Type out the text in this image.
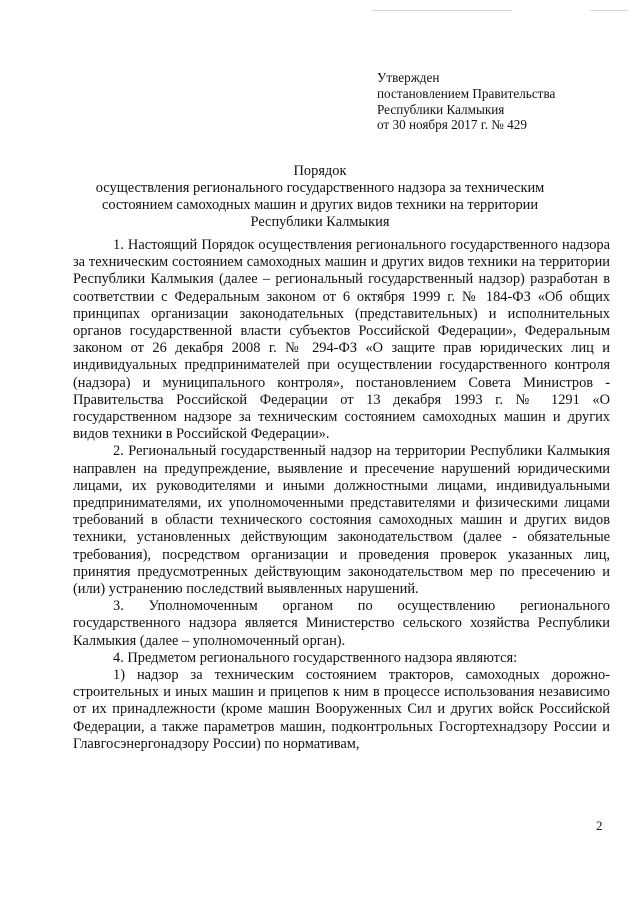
Утвержден
постановлением Правительства
Республики Калмыкия
от 30 ноября 2017 г. № 429
Порядок
осуществления регионального государственного надзора за техническим
состоянием самоходных машин и других видов техники на территории
Республики Калмыкия

1. Настоящий Порядок осуществления регионального государственного надзора за техническим состоянием самоходных машин и других видов техники на территории Республики Калмыкия (далее – региональный государственный надзор) разработан в соответствии с Федеральным законом от 6 октября 1999 г. № 184-ФЗ «Об общих принципах организации законодательных (представительных) и исполнительных органов государственной власти субъектов Российской Федерации», Федеральным законом от 26 декабря 2008 г. № 294-ФЗ «О защите прав юридических лиц и индивидуальных предпринимателей при осуществлении государственного контроля (надзора) и муниципального контроля», постановлением Совета Министров - Правительства Российской Федерации от 13 декабря 1993 г. № 1291 «О государственном надзоре за техническим состоянием самоходных машин и других видов техники в Российской Федерации».

2. Региональный государственный надзор на территории Республики Калмыкия направлен на предупреждение, выявление и пресечение нарушений юридическими лицами, их руководителями и иными должностными лицами, индивидуальными предпринимателями, их уполномоченными представителями и физическими лицами требований в области технического состояния самоходных машин и других видов техники, установленных действующим законодательством (далее - обязательные требования), посредством организации и проведения проверок указанных лиц, принятия предусмотренных действующим законодательством мер по пресечению и (или) устранению последствий выявленных нарушений.

3. Уполномоченным органом по осуществлению регионального государственного надзора является Министерство сельского хозяйства Республики Калмыкия (далее – уполномоченный орган).

4. Предметом регионального государственного надзора являются:

1) надзор за техническим состоянием тракторов, самоходных дорожно-строительных и иных машин и прицепов к ним в процессе использования независимо от их принадлежности (кроме машин Вооруженных Сил и других войск Российской Федерации, а также параметров машин, подконтрольных Госгортехнадзору России и Главгосэнергонадзору России) по нормативам,

2
